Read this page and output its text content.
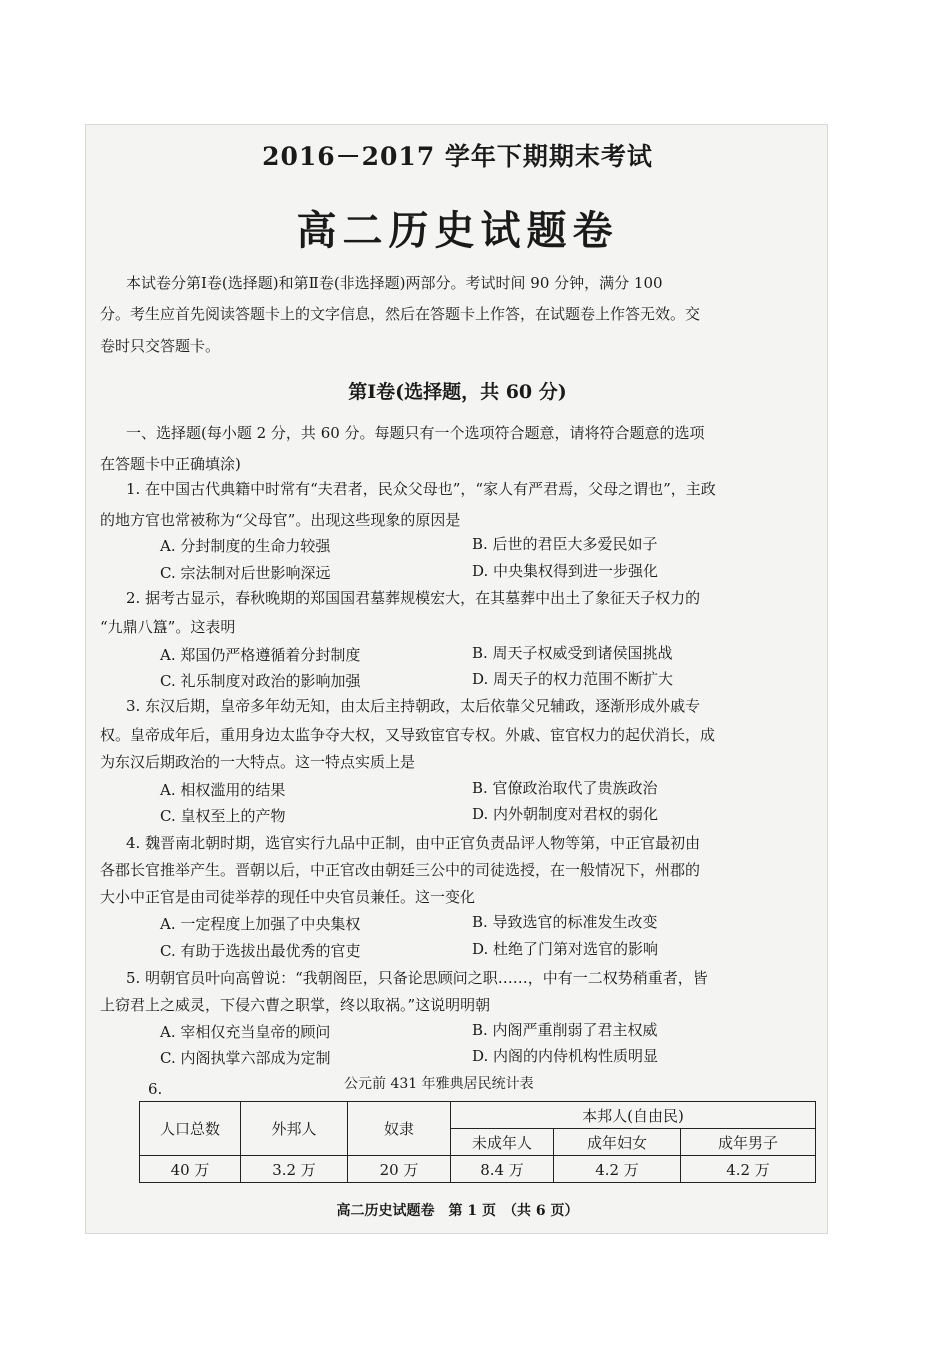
2016－2017 学年下期期末考试
高二历史试题卷
本试卷分第Ⅰ卷(选择题)和第Ⅱ卷(非选择题)两部分。考试时间 90 分钟，满分 100
分。考生应首先阅读答题卡上的文字信息，然后在答题卡上作答，在试题卷上作答无效。交
卷时只交答题卡。
第Ⅰ卷(选择题，共 60 分)
一、选择题(每小题 2 分，共 60 分。每题只有一个选项符合题意，请将符合题意的选项
在答题卡中正确填涂)
1. 在中国古代典籍中时常有“夫君者，民众父母也”，“家人有严君焉，父母之谓也”，主政
的地方官也常被称为“父母官”。出现这些现象的原因是
A. 分封制度的生命力较强	B. 后世的君臣大多爱民如子
C. 宗法制对后世影响深远	D. 中央集权得到进一步强化
2. 据考古显示，春秋晚期的郑国国君墓葬规模宏大，在其墓葬中出土了象征天子权力的
“九鼎八簋”。这表明
A. 郑国仍严格遵循着分封制度	B. 周天子权威受到诸侯国挑战
C. 礼乐制度对政治的影响加强	D. 周天子的权力范围不断扩大
3. 东汉后期，皇帝多年幼无知，由太后主持朝政，太后依靠父兄辅政，逐渐形成外戚专
权。皇帝成年后，重用身边太监争夺大权，又导致宦官专权。外戚、宦官权力的起伏消长，成
为东汉后期政治的一大特点。这一特点实质上是
A. 相权滥用的结果	B. 官僚政治取代了贵族政治
C. 皇权至上的产物	D. 内外朝制度对君权的弱化
4. 魏晋南北朝时期，选官实行九品中正制，由中正官负责品评人物等第，中正官最初由
各郡长官推举产生。晋朝以后，中正官改由朝廷三公中的司徒选授，在一般情况下，州郡的
大小中正官是由司徒举荐的现任中央官员兼任。这一变化
A. 一定程度上加强了中央集权	B. 导致选官的标准发生改变
C. 有助于选拔出最优秀的官吏	D. 杜绝了门第对选官的影响
5. 明朝官员叶向高曾说：“我朝阁臣，只备论思顾问之职……，中有一二权势稍重者，皆
上窃君上之威灵，下侵六曹之职掌，终以取祸。”这说明明朝
A. 宰相仅充当皇帝的顾问	B. 内阁严重削弱了君主权威
C. 内阁执掌六部成为定制	D. 内阁的内侍机构性质明显
6.	公元前 431 年雅典居民统计表
人口总数	外邦人	奴隶	本邦人(自由民)		
			未成年人	成年妇女	成年男子
40 万	3.2 万	20 万	8.4 万	4.2 万	4.2 万
高二历史试题卷　第 1 页　（共 6 页）
